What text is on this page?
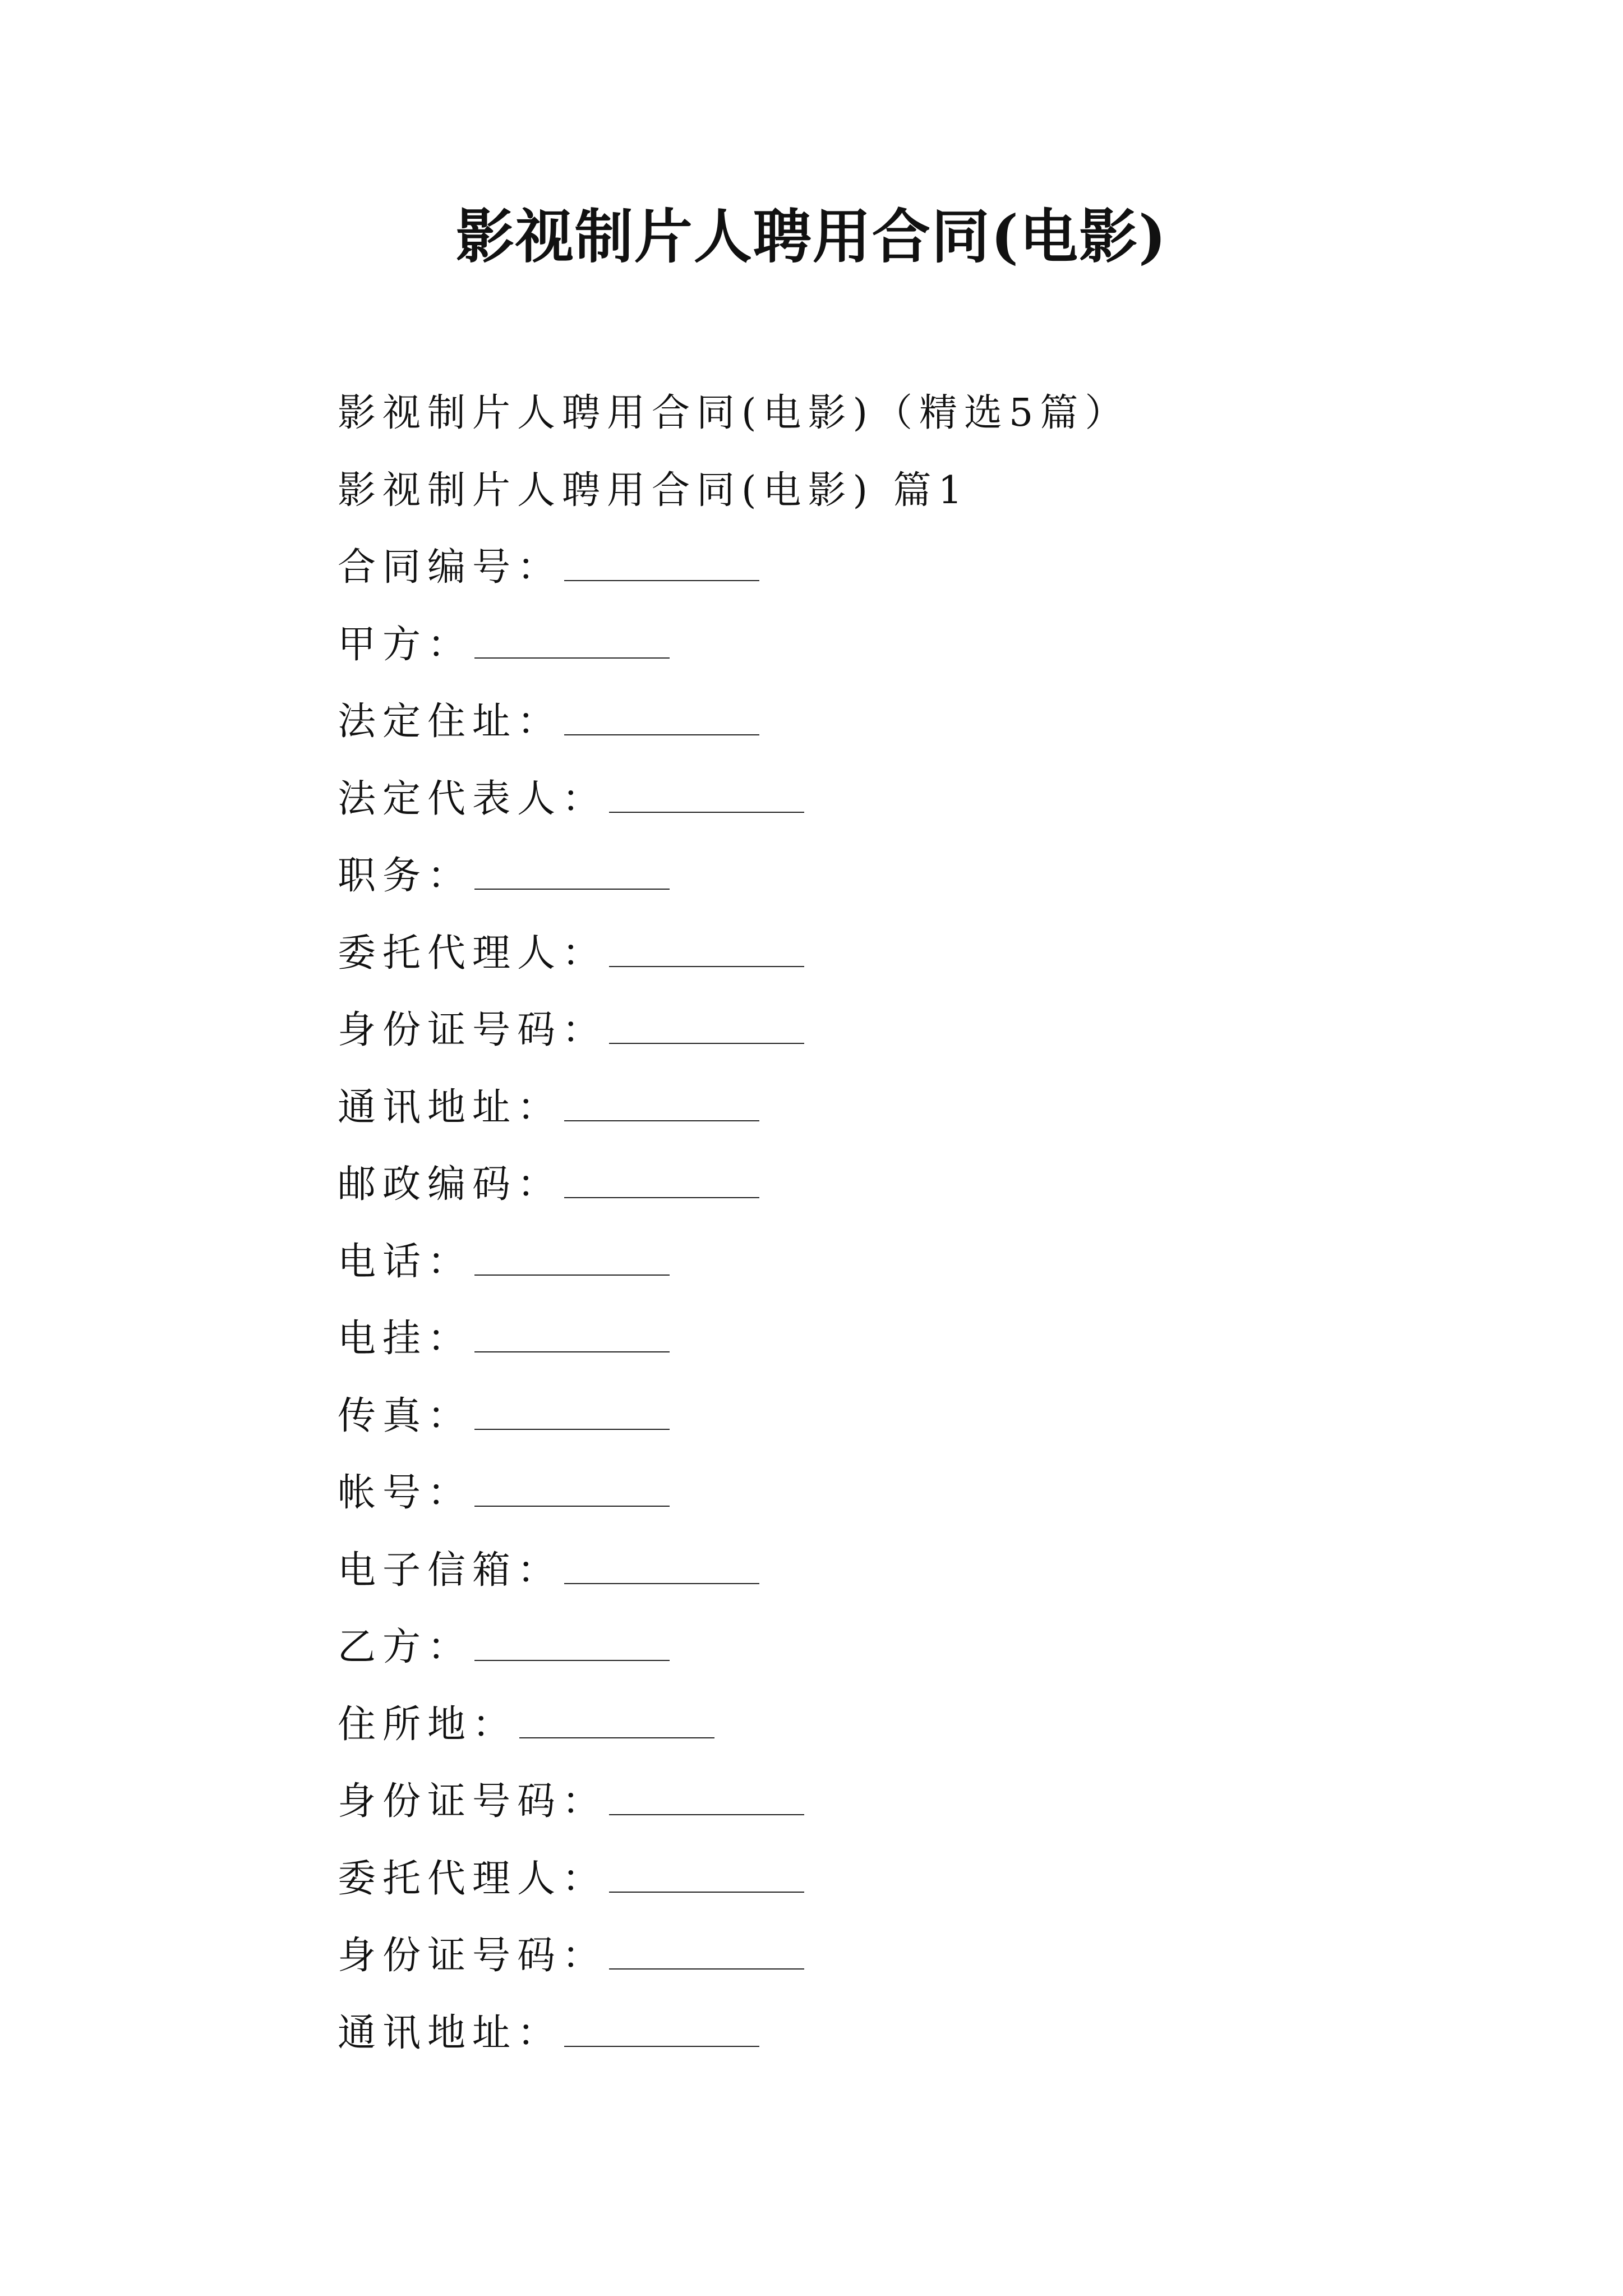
影视制片人聘用合同(电影)
影视制片人聘用合同(电影)（精选5篇）
影视制片人聘用合同(电影) 篇1
合同编号：
甲方：
法定住址：
法定代表人：
职务：
委托代理人：
身份证号码：
通讯地址：
邮政编码：
电话：
电挂：
传真：
帐号：
电子信箱：
乙方：
住所地：
身份证号码：
委托代理人：
身份证号码：
通讯地址：
